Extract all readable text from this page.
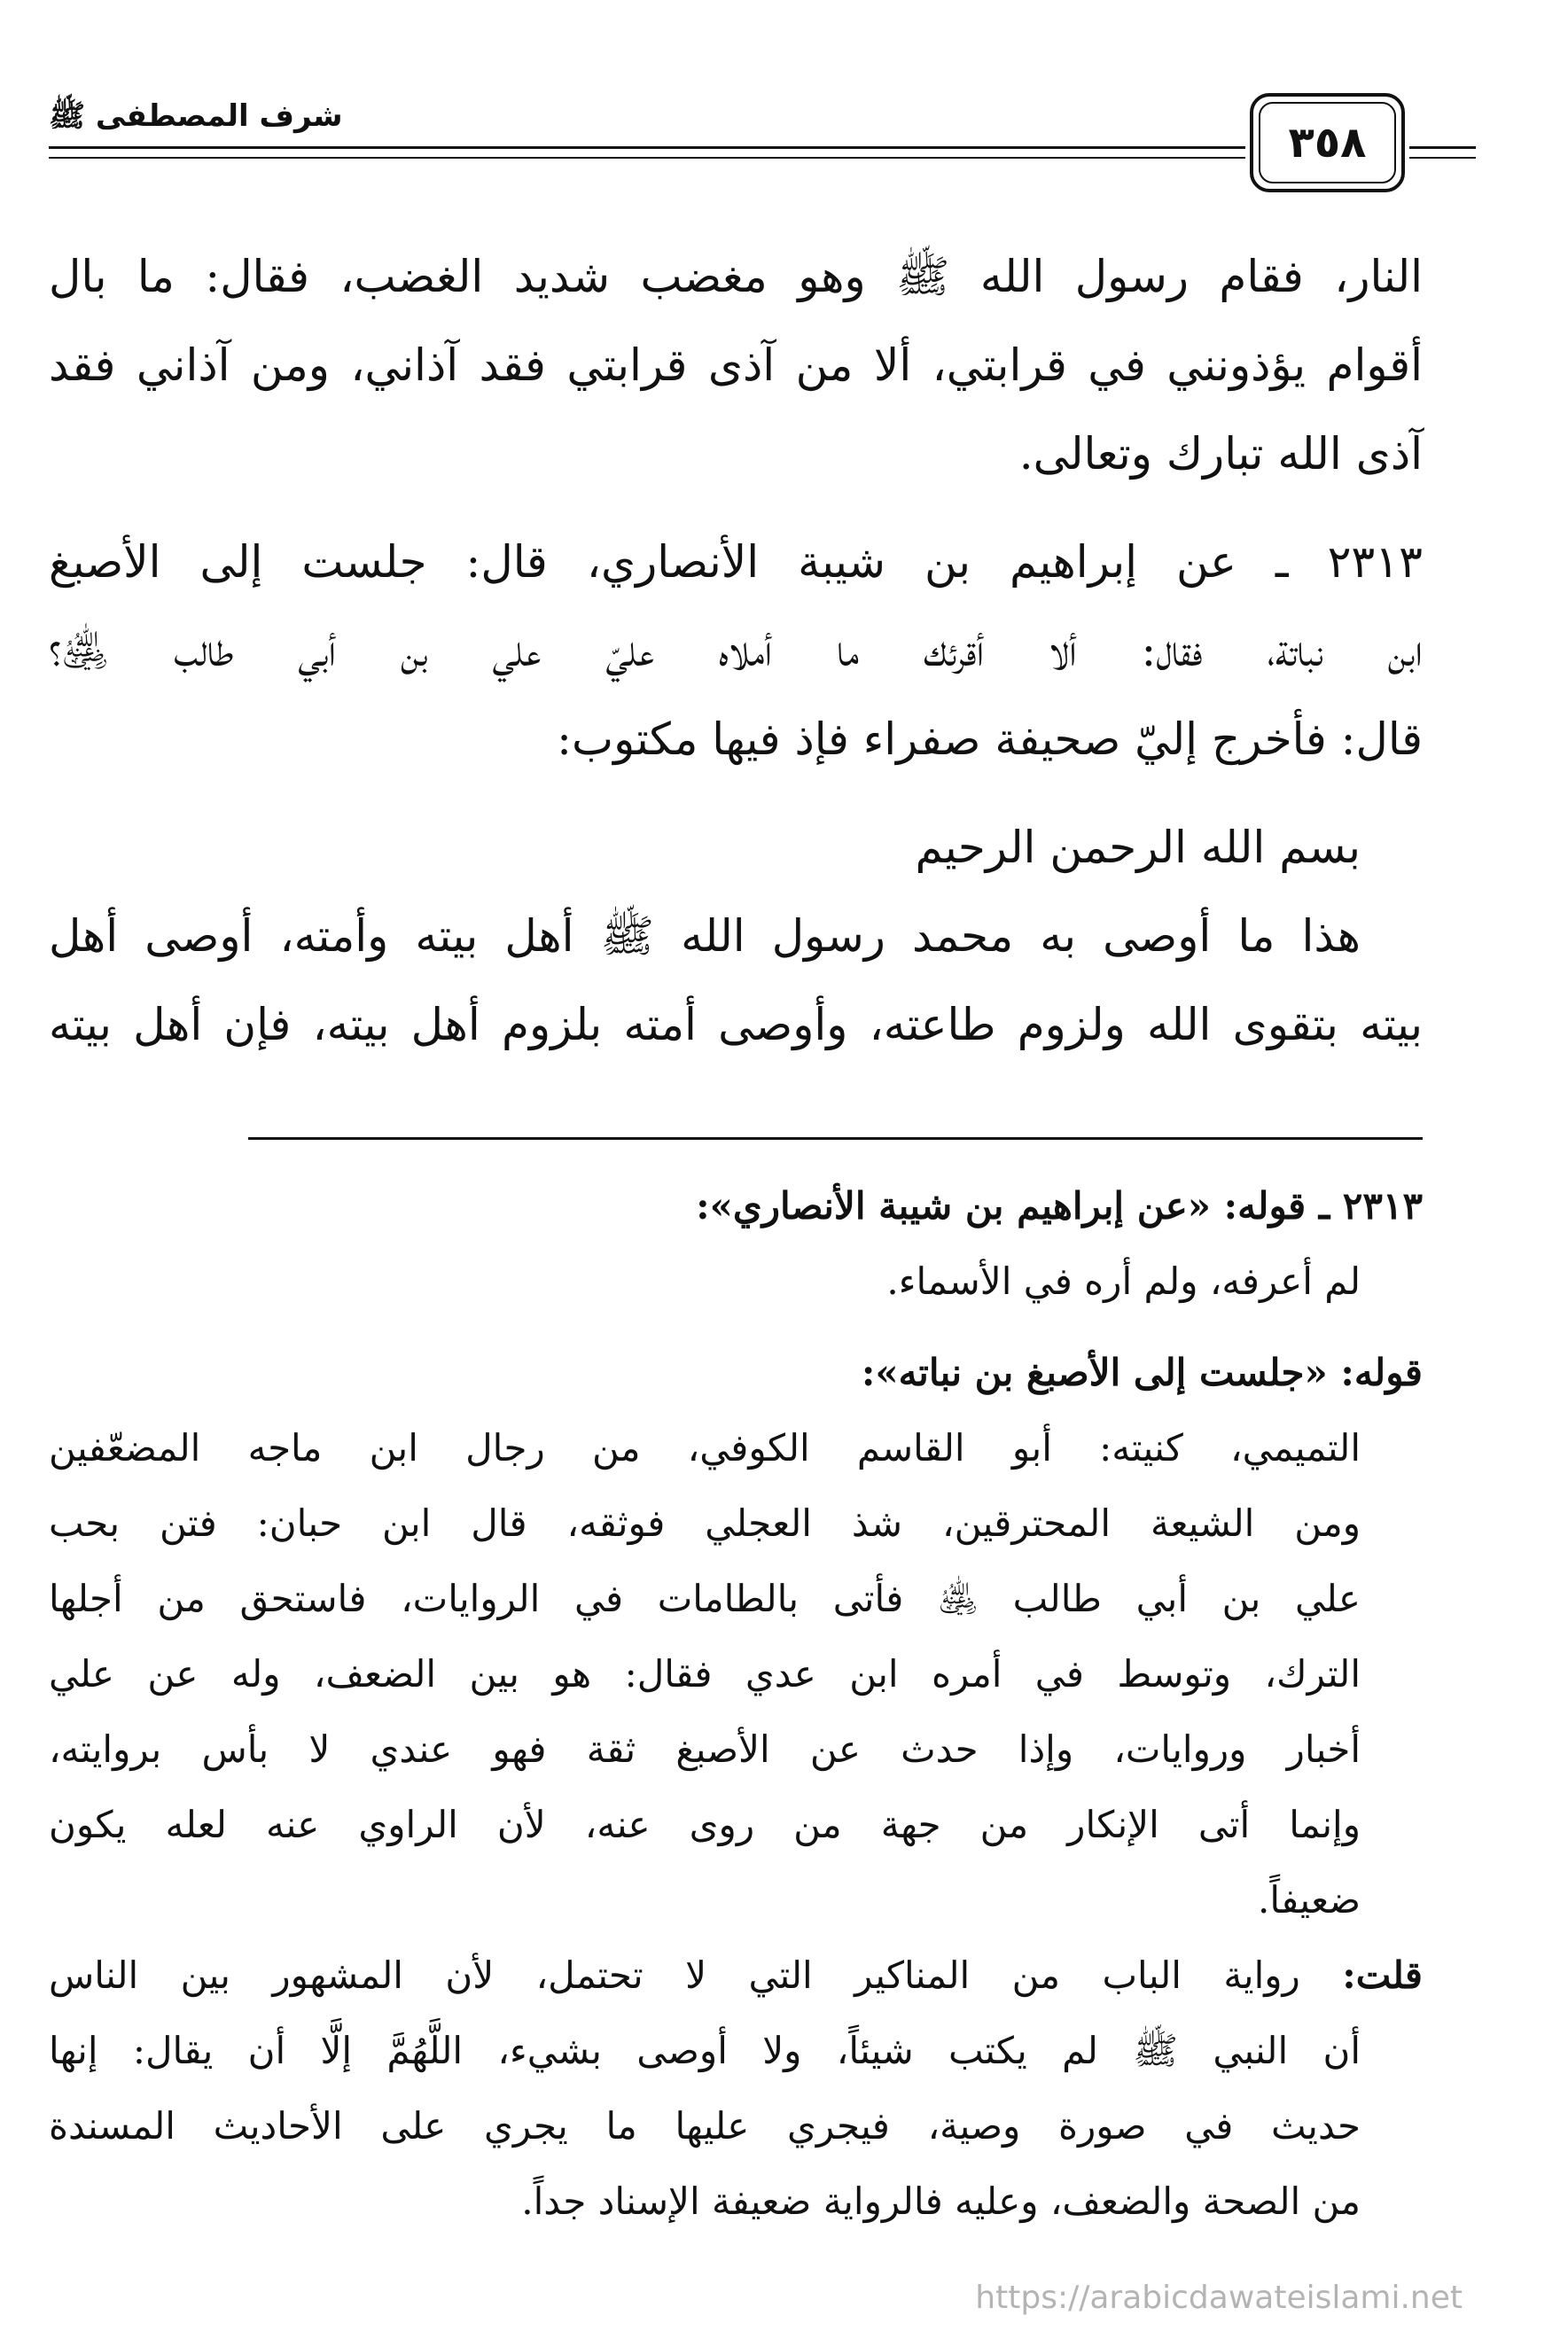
شرف المصطفى ﷺ
٣٥٨
النار، فقام رسول الله ﷺ وهو مغضب شديد الغضب، فقال: ما بال
أقوام يؤذونني في قرابتي، ألا من آذى قرابتي فقد آذاني، ومن آذاني فقد
آذى الله تبارك وتعالى.
٢٣١٣ ـ عن إبراهيم بن شيبة الأنصاري، قال: جلست إلى الأصبغ
ابن نباتة، فقال: ألا أقرئك ما أملاه عليّ علي بن أبي طالب ﵁؟
قال: فأخرج إليّ صحيفة صفراء فإذ فيها مكتوب:
بسم الله الرحمن الرحيم
هذا ما أوصى به محمد رسول الله ﷺ أهل بيته وأمته، أوصى أهل
بيته بتقوى الله ولزوم طاعته، وأوصى أمته بلزوم أهل بيته، فإن أهل بيته
٢٣١٣ ـ قوله: «عن إبراهيم بن شيبة الأنصاري»:
لم أعرفه، ولم أره في الأسماء.
قوله: «جلست إلى الأصبغ بن نباته»:
التميمي، كنيته: أبو القاسم الكوفي، من رجال ابن ماجه المضعّفين
ومن الشيعة المحترقين، شذ العجلي فوثقه، قال ابن حبان: فتن بحب
علي بن أبي طالب ﵁ فأتى بالطامات في الروايات، فاستحق من أجلها
الترك، وتوسط في أمره ابن عدي فقال: هو بين الضعف، وله عن علي
أخبار وروايات، وإذا حدث عن الأصبغ ثقة فهو عندي لا بأس بروايته،
وإنما أتى الإنكار من جهة من روى عنه، لأن الراوي عنه لعله يكون
ضعيفاً.
قلت: رواية الباب من المناكير التي لا تحتمل، لأن المشهور بين الناس
أن النبي ﷺ لم يكتب شيئاً، ولا أوصى بشيء، اللَّهُمَّ إلَّا أن يقال: إنها
حديث في صورة وصية، فيجري عليها ما يجري على الأحاديث المسندة
من الصحة والضعف، وعليه فالرواية ضعيفة الإسناد جداً.
https://arabicdawateislami.net
